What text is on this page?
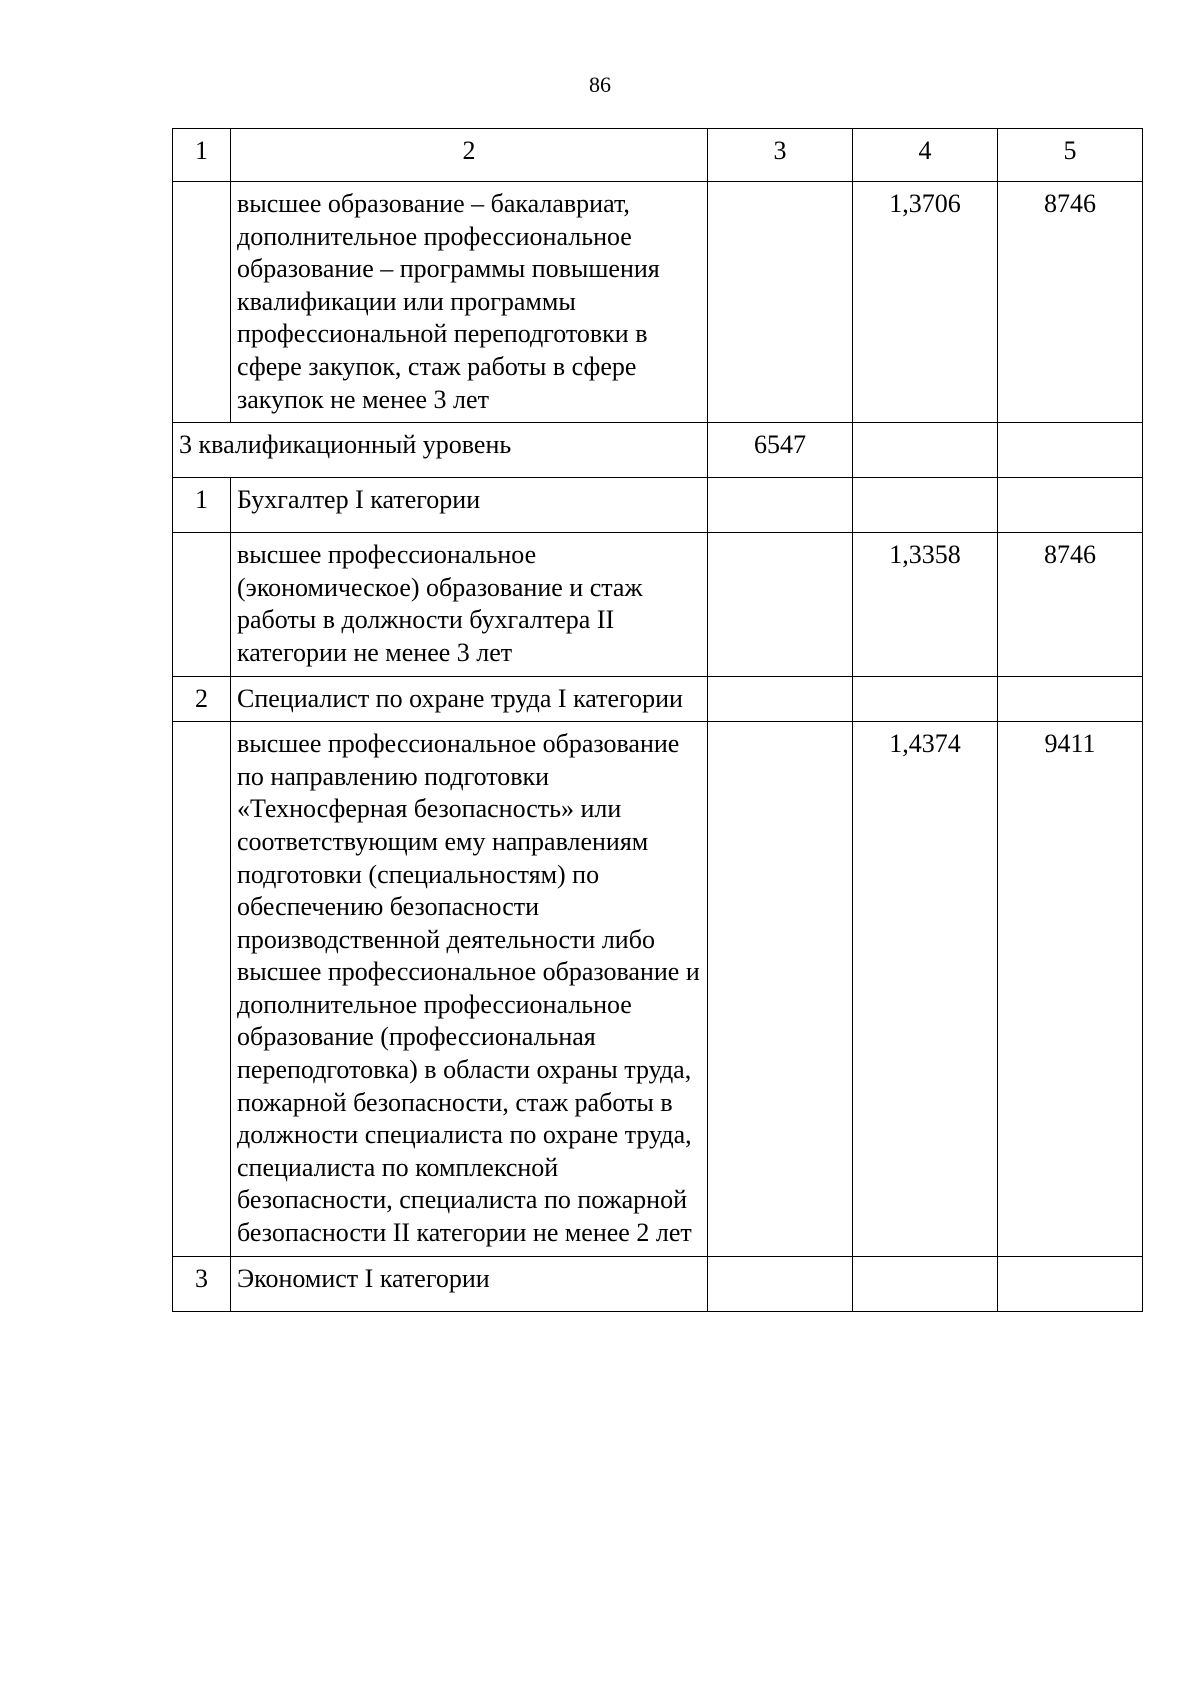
86
1	2	3	4	5
	высшее образование – бакалавриат, дополнительное профессиональное образование – программы повышения квалификации или программы профессиональной переподготовки в сфере закупок, стаж работы в сфере закупок не менее 3 лет		1,3706	8746
3 квалификационный уровень		6547		
1	Бухгалтер I категории			
	высшее профессиональное (экономическое) образование и стаж работы в должности бухгалтера II категории не менее 3 лет		1,3358	8746
2	Специалист по охране труда I категории			
	высшее профессиональное образование по направлению подготовки «Техносферная безопасность» или соответствующим ему направлениям подготовки (специальностям) по обеспечению безопасности производственной деятельности либо высшее профессиональное образование и дополнительное профессиональное образование (профессиональная переподготовка) в области охраны труда, пожарной безопасности, стаж работы в должности специалиста по охране труда, специалиста по комплексной безопасности, специалиста по пожарной безопасности II категории не менее 2 лет		1,4374	9411
3	Экономист I категории			
